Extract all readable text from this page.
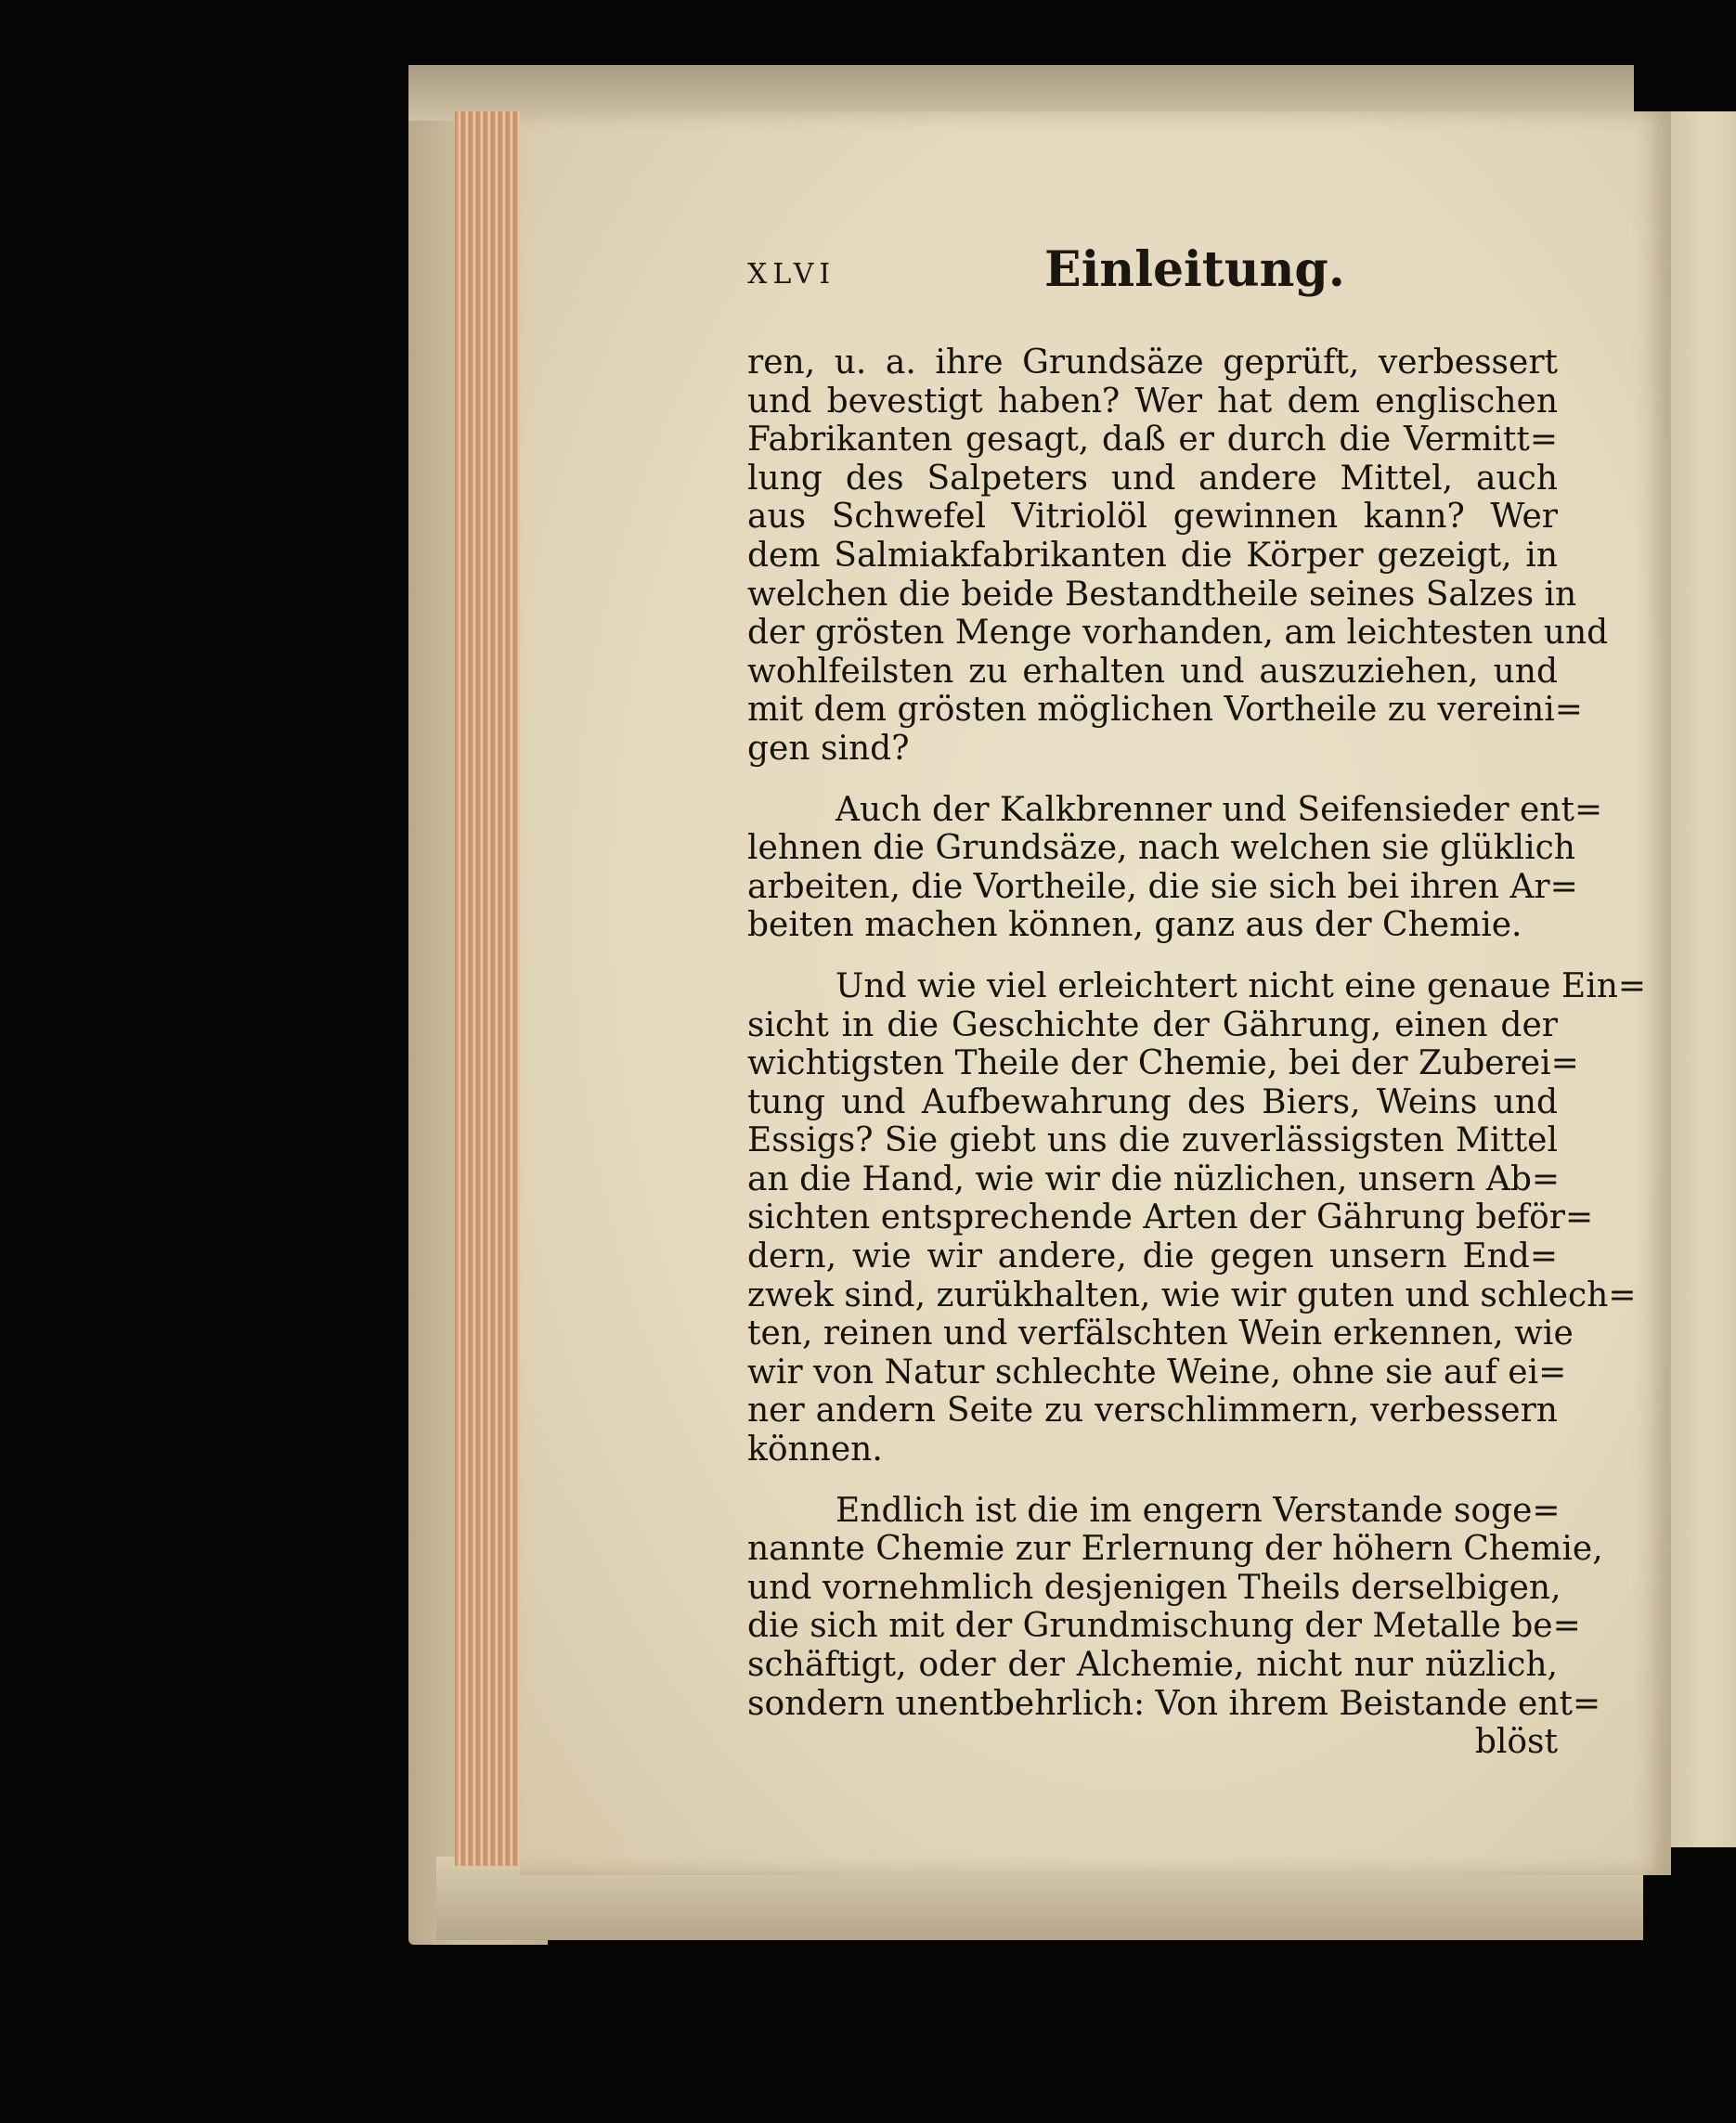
XLVI	Einleitung.
ren, u. a. ihre Grundsäze geprüft, verbessert
und bevestigt haben? Wer hat dem englischen
Fabrikanten gesagt, daß er durch die Vermitt=
lung des Salpeters und andere Mittel, auch
aus Schwefel Vitriolöl gewinnen kann? Wer
dem Salmiakfabrikanten die Körper gezeigt, in
welchen die beide Bestandtheile seines Salzes in
der grösten Menge vorhanden, am leichtesten und
wohlfeilsten zu erhalten und auszuziehen, und
mit dem grösten möglichen Vortheile zu vereini=
gen sind?
Auch der Kalkbrenner und Seifensieder ent=
lehnen die Grundsäze, nach welchen sie glüklich
arbeiten, die Vortheile, die sie sich bei ihren Ar=
beiten machen können, ganz aus der Chemie.
Und wie viel erleichtert nicht eine genaue Ein=
sicht in die Geschichte der Gährung, einen der
wichtigsten Theile der Chemie, bei der Zuberei=
tung und Aufbewahrung des Biers, Weins und
Essigs? Sie giebt uns die zuverlässigsten Mittel
an die Hand, wie wir die nüzlichen, unsern Ab=
sichten entsprechende Arten der Gährung beför=
dern, wie wir andere, die gegen unsern End=
zwek sind, zurükhalten, wie wir guten und schlech=
ten, reinen und verfälschten Wein erkennen, wie
wir von Natur schlechte Weine, ohne sie auf ei=
ner andern Seite zu verschlimmern, verbessern
können.
Endlich ist die im engern Verstande soge=
nannte Chemie zur Erlernung der höhern Chemie,
und vornehmlich desjenigen Theils derselbigen,
die sich mit der Grundmischung der Metalle be=
schäftigt, oder der Alchemie, nicht nur nüzlich,
sondern unentbehrlich: Von ihrem Beistande ent=
blöst
